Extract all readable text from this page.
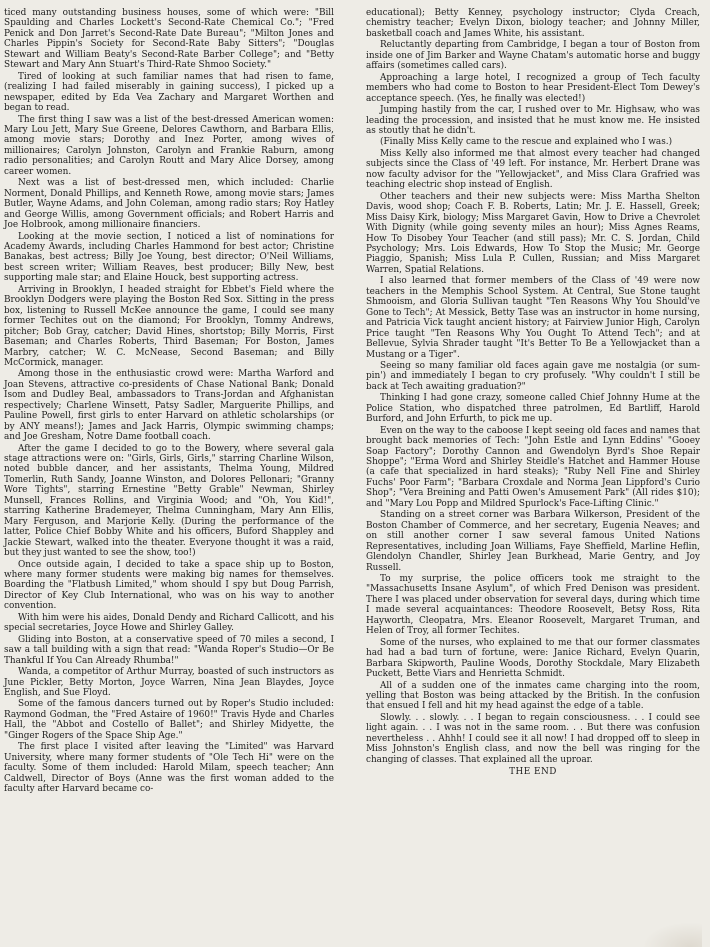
ticed many outstanding business houses, some of which were: "Bill Spaulding and Charles Lockett's Second-Rate Chemical Co."; "Fred Penick and Don Jarret's Second-Rate Date Bureau"; "Milton Jones and Charles Pippin's Society for Second-Rate Baby Sitters"; "Douglas Stewart and William Beaty's Second-Rate Barber College"; and "Betty Stewart and Mary Ann Stuart's Third-Rate Shmoo Society."

Tired of looking at such familiar names that had risen to fame, (realizing I had failed miserably in gaining success), I picked up a newspaper, edited by Eda Vea Zachary and Margaret Worthen and began to read.

The first thing I saw was a list of the best-dressed American women: Mary Lou Jett, Mary Sue Greene, Delores Cawthorn, and Barbara Ellis, among movie stars; Dorothy and Inez Porter, among wives of millionaires; Carolyn Johnston, Carolyn and Frankie Raburn, among radio personalities; and Carolyn Routt and Mary Alice Dorsey, among career women.

Next was a list of best-dressed men, which included: Charlie Norment, Donald Phillips, and Kenneth Rowe, among movie stars; James Butler, Wayne Adams, and John Coleman, among radio stars; Roy Hatley and George Willis, among Government officials; and Robert Harris and Joe Holbrook, among millionaire financiers.

Looking at the movie section, I noticed a list of nominations for Academy Awards, including Charles Hammond for best actor; Christine Banakas, best actress; Billy Joe Young, best director; O'Neil Williams, best screen writer; William Reaves, best producer; Billy New, best supporting male star; and Elaine Houck, best supporting actress.

Arriving in Brooklyn, I headed straight for Ebbet's Field where the Brooklyn Dodgers were playing the Boston Red Sox. Sitting in the press box, listening to Russell McKee announce the game, I could see many former Techites out on the diamond; For Brooklyn, Tommy Andrews, pitcher; Bob Gray, catcher; David Hines, shortstop; Billy Morris, First Baseman; and Charles Roberts, Third Baseman; For Boston, James Marbry, catcher; W. C. McNease, Second Baseman; and Billy McCormick, manager.

Among those in the enthusiastic crowd were: Martha Warford and Joan Stevens, attractive co-presidents of Chase National Bank; Donald Isom and Dudley Beal, ambassadors to Trans-Jordan and Afghanistan respectively; Charlene Winsett, Patsy Sadler, Marguerite Phillips, and Pauline Powell, first girls to enter Harvard on athletic scholarships (or by ANY means!); James and Jack Harris, Olympic swimming champs; and Joe Gresham, Notre Dame football coach.

After the game I decided to go to the Bowery, where several gala stage attractions were on: "Girls, Girls, Girls," starring Charline Wilson, noted bubble dancer, and her assistants, Thelma Young, Mildred Tomerlin, Ruth Sandy, Joanne Winston, and Dolores Pellonari; "Granny Wore Tights", starring Ernestine "Betty Grable" Newman, Shirley Munsell, Frances Rollins, and Virginia Wood; and "Oh, You Kid!", starring Katherine Brademeyer, Thelma Cunningham, Mary Ann Ellis, Mary Ferguson, and Marjorie Kelly. (During the performance of the latter, Police Chief Bobby White and his officers, Buford Shappley and Jackie Stewart, walked into the theater. Everyone thought it was a raid, but they just wanted to see the show, too!)

Once outside again, I decided to take a space ship up to Boston, where many former students were making big names for themselves. Boarding the "Flatbush Limited," whom should I spy but Doug Parrish, Director of Key Club International, who was on his way to another convention.

With him were his aides, Donald Dendy and Richard Callicott, and his special secretaries, Joyce Howe and Shirley Galley.

Gliding into Boston, at a conservative speed of 70 miles a second, I saw a tall building with a sign that read: "Wanda Roper's Studio—Or Be Thankful If You Can Already Rhumba!"

Wanda, a competitor of Arthur Murray, boasted of such instructors as June Pickler, Betty Morton, Joyce Warren, Nina Jean Blaydes, Joyce English, and Sue Floyd.

Some of the famous dancers turned out by Roper's Studio included: Raymond Godman, the "Fred Astaire of 1960!" Travis Hyde and Charles Hall, the "Abbot and Costello of Ballet"; and Shirley Midyette, the "Ginger Rogers of the Space Ship Age."

The first place I visited after leaving the "Limited" was Harvard University, where many former students of "Ole Tech Hi" were on the faculty. Some of them included: Harold Milam, speech teacher; Ann Caldwell, Director of Boys (Anne was the first woman added to the faculty after Harvard became co-

educational); Betty Kenney, psychology instructor; Clyda Creach, chemistry teacher; Evelyn Dixon, biology teacher; and Johnny Miller, basketball coach and James White, his assistant.

Reluctantly departing from Cambridge, I began a tour of Boston from inside one of Jim Barker and Wayne Chatam's automatic horse and buggy affairs (sometimes called cars).

Approaching a large hotel, I recognized a group of Tech faculty members who had come to Boston to hear President-Elect Tom Dewey's acceptance speech. (Yes, he finally was elected!)

Jumping hastily from the car, I rushed over to Mr. Highsaw, who was leading the procession, and insisted that he must know me. He insisted as stoutly that he didn't.

(Finally Miss Kelly came to the rescue and explained who I was.)

Miss Kelly also informed me that almost every teacher had changed subjects since the Class of '49 left. For instance, Mr. Herbert Drane was now faculty advisor for the "Yellowjacket", and Miss Clara Grafried was teaching electric shop instead of English.

Other teachers and their new subjects were: Miss Martha Shelton Davis, wood shop; Coach F. B. Roberts, Latin; Mr. J. E. Hassell, Greek; Miss Daisy Kirk, biology; Miss Margaret Gavin, How to Drive a Chevrolet With Dignity (while going seventy miles an hour); Miss Agnes Reams, How To Disobey Your Teacher (and still pass); Mr. C. S. Jordan, Child Psychology; Mrs. Lois Edwards, How To Stop the Music; Mr. George Piaggio, Spanish; Miss Lula P. Cullen, Russian; and Miss Margaret Warren, Spatial Relations.

I also learned that former members of the Class of '49 were now teachers in the Memphis School System. At Central, Sue Stone taught Shmooism, and Gloria Sullivan taught "Ten Reasons Why You Should've Gone to Tech"; At Messick, Betty Tase was an instructor in home nursing, and Patricia Vick taught ancient history; at Fairview Junior High, Carolyn Price taught "Ten Reasons Why You Ought To Attend Tech"; and at Bellevue, Sylvia Shrader taught "It's Better To Be a Yellowjacket than a Mustang or a Tiger".

Seeing so many familiar old faces again gave me nostalgia (or sum-pin') and immediately I began to cry profusely. "Why couldn't I still be back at Tech awaiting graduation?"

Thinking I had gone crazy, someone called Chief Johnny Hume at the Police Station, who dispatched three patrolmen, Ed Bartliff, Harold Burford, and John Erfurth, to pick me up.

Even on the way to the caboose I kept seeing old faces and names that brought back memories of Tech: "John Estle and Lynn Eddins' "Gooey Soap Factory"; Dorothy Cannon and Gwendolyn Byrd's Shoe Repair Shoppe"; "Erma Word and Shirley Steidle's Hatchet and Hammer House (a cafe that specialized in hard steaks); "Ruby Nell Fine and Shirley Fuchs' Poor Farm"; "Barbara Croxdale and Norma Jean Lippford's Curio Shop"; "Vera Breining and Patti Owen's Amusement Park" (All rides $10); and "Mary Lou Popp and Mildred Spurlock's Face-Lifting Clinic."

Standing on a street corner was Barbara Wilkerson, President of the Boston Chamber of Commerce, and her secretary, Eugenia Neaves; and on still another corner I saw several famous United Nations Representatives, including Joan Williams, Faye Sheffield, Marline Heflin, Glendolyn Chandler, Shirley Jean Burkhead, Marie Gentry, and Joy Russell.

To my surprise, the police officers took me straight to the "Massachusetts Insane Asylum", of which Fred Denison was president. There I was placed under observation for several days, during which time I made several acquaintances: Theodore Roosevelt, Betsy Ross, Rita Hayworth, Cleopatra, Mrs. Eleanor Roosevelt, Margaret Truman, and Helen of Troy, all former Techites.

Some of the nurses, who explained to me that our former classmates had had a bad turn of fortune, were: Janice Richard, Evelyn Quarin, Barbara Skipworth, Pauline Woods, Dorothy Stockdale, Mary Elizabeth Puckett, Bette Viars and Henrietta Schmidt.

All of a sudden one of the inmates came charging into the room, yelling that Boston was being attacked by the British. In the confusion that ensued I fell and hit my head against the edge of a table.

Slowly. . . slowly. . . I began to regain consciousness. . . I could see light again. . . I was not in the same room. . . But there was confusion nevertheless . . Ahhh! I could see it all now! I had dropped off to sleep in Miss Johnston's English class, and now the bell was ringing for the changing of classes. That explained all the uproar.

THE END
